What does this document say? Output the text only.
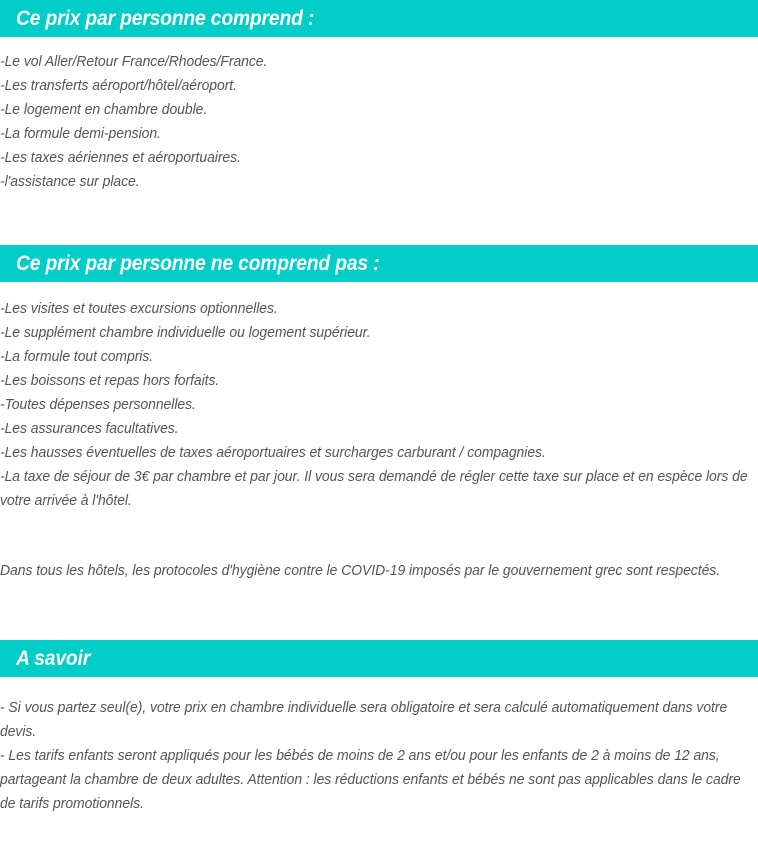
Ce prix par personne comprend :
-Le vol Aller/Retour France/Rhodes/France.
-Les transferts aéroport/hôtel/aéroport.
-Le logement en chambre double.
-La formule demi-pension.
-Les taxes aériennes et aéroportuaires.
-l'assistance sur place.
Ce prix par personne ne comprend pas :
-Les visites et toutes excursions optionnelles.
-Le supplément chambre individuelle ou logement supérieur.
-La formule tout compris.
-Les boissons et repas hors forfaits.
-Toutes dépenses personnelles.
-Les assurances facultatives.
-Les hausses éventuelles de taxes aéroportuaires et surcharges carburant / compagnies.
-La taxe de séjour de 3€ par chambre et par jour. Il vous sera demandé de régler cette taxe sur place et en espèce lors de votre arrivée à l'hôtel.
Dans tous les hôtels, les protocoles d'hygiène contre le COVID-19 imposés par le gouvernement grec sont respectés.
A savoir
- Si vous partez seul(e), votre prix en chambre individuelle sera obligatoire et sera calculé automatiquement dans votre devis.
- Les tarifs enfants seront appliqués pour les bébés de moins de 2 ans et/ou pour les enfants de 2 à moins de 12 ans, partageant la chambre de deux adultes. Attention : les réductions enfants et bébés ne sont pas applicables dans le cadre de tarifs promotionnels.
